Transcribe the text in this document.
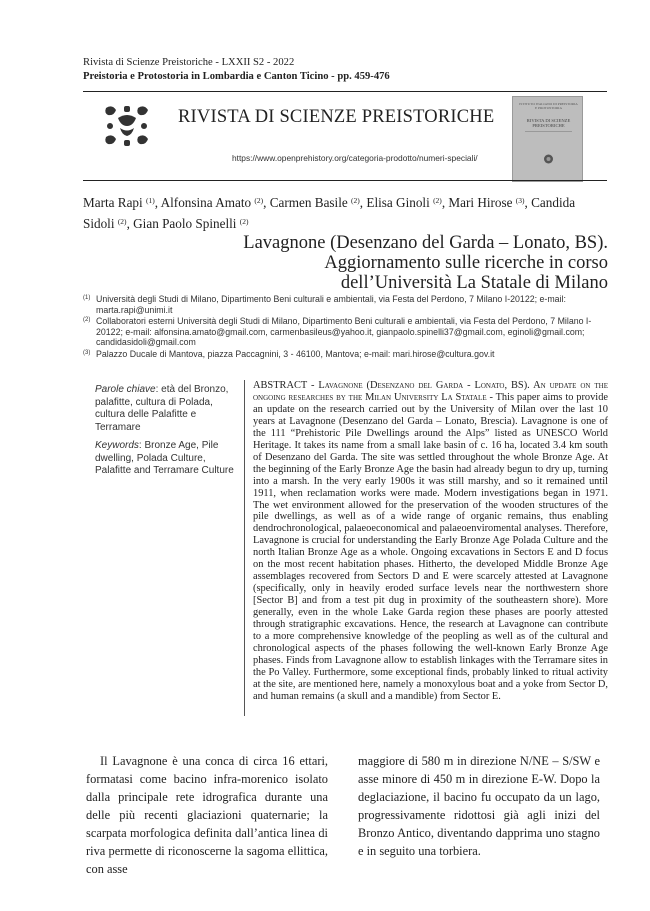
Rivista di Scienze Preistoriche - LXXII S2 - 2022
Preistoria e Protostoria in Lombardia e Canton Ticino - pp. 459-476
RIVISTA DI SCIENZE PREISTORICHE
https://www.openprehistory.org/categoria-prodotto/numeri-speciali/
ISTITUTO ITALIANO DI PREISTORIA E PROTOSTORIA
RIVISTA DI SCIENZE PREISTORICHE
Marta Rapi $^{(1)}$, Alfonsina Amato $^{(2)}$, Carmen Basile $^{(2)}$, Elisa Ginoli $^{(2)}$, Mari Hirose $^{(3)}$, Candida Sidoli $^{(2)}$, Gian Paolo Spinelli $^{(2)}$
Lavagnone (Desenzano del Garda – Lonato, BS).
Aggiornamento sulle ricerche in corso
dell’Università La Statale di Milano
(1) Università degli Studi di Milano, Dipartimento Beni culturali e ambientali, via Festa del Perdono, 7 Milano I-20122; e-mail: marta.rapi@unimi.it
(2) Collaboratori esterni Università degli Studi di Milano, Dipartimento Beni culturali e ambientali, via Festa del Perdono, 7 Milano I-20122; e-mail: alfonsina.amato@gmail.com, carmenbasileus@yahoo.it, gianpaolo.spinelli37@gmail.com, eginoli@gmail.com; candidasidoli@gmail.com
(3) Palazzo Ducale di Mantova, piazza Paccagnini, 3 - 46100, Mantova; e-mail: mari.hirose@cultura.gov.it

Parole chiave: età del Bronzo, palafitte, cultura di Polada, cultura delle Palafitte e Terramare

Keywords: Bronze Age, Pile dwelling, Polada Culture, Palafitte and Terramare Culture

ABSTRACT - Lavagnone (Desenzano del Garda - Lonato, BS). An update on the ongoing researches by the Milan University La Statale - This paper aims to provide an update on the research carried out by the University of Milan over the last 10 years at Lavagnone (Desenzano del Garda – Lonato, Brescia). Lavagnone is one of the 111 “Prehistoric Pile Dwellings around the Alps” listed as UNESCO World Heritage. It takes its name from a small lake basin of c. 16 ha, located 3.4 km south of Desenzano del Garda. The site was settled throughout the whole Bronze Age. At the beginning of the Early Bronze Age the basin had already begun to dry up, turning into a marsh. In the very early 1900s it was still marshy, and so it remained until 1911, when reclamation works were made. Modern investigations began in 1971. The wet environment allowed for the preservation of the wooden structures of the pile dwellings, as well as of a wide range of organic remains, thus enabling dendrochronological, palaeoeconomical and palaeoenviromental analyses. Therefore, Lavagnone is crucial for understanding the Early Bronze Age Polada Culture and the north Italian Bronze Age as a whole. Ongoing excavations in Sectors E and D focus on the most recent habitation phases. Hitherto, the developed Middle Bronze Age assemblages recovered from Sectors D and E were scarcely attested at Lavagnone (specifically, only in heavily eroded surface levels near the northwestern shore [Sector B] and from a test pit dug in proximity of the southeastern shore). More generally, even in the whole Lake Garda region these phases are poorly attested through stratigraphic excavations. Hence, the research at Lavagnone can contribute to a more comprehensive knowledge of the peopling as well as of the cultural and chronological aspects of the phases following the well-known Early Bronze Age phases. Finds from Lavagnone allow to establish linkages with the Terramare sites in the Po Valley. Furthermore, some exceptional finds, probably linked to ritual activity at the site, are mentioned here, namely a monoxylous boat and a yoke from Sector D, and human remains (a skull and a mandible) from Sector E.
Il Lavagnone è una conca di circa 16 ettari, formatasi come bacino infra-morenico isolato dalla principale rete idrografica durante una delle più recenti glaciazioni quaternarie; la scarpata morfologica definita dall’antica linea di riva permette di riconoscerne la sagoma ellittica, con asse
maggiore di 580 m in direzione N/NE – S/SW e asse minore di 450 m in direzione E-W. Dopo la deglaciazione, il bacino fu occupato da un lago, progressivamente ridottosi già agli inizi del Bronzo Antico, diventando dapprima uno stagno e in seguito una torbiera.
